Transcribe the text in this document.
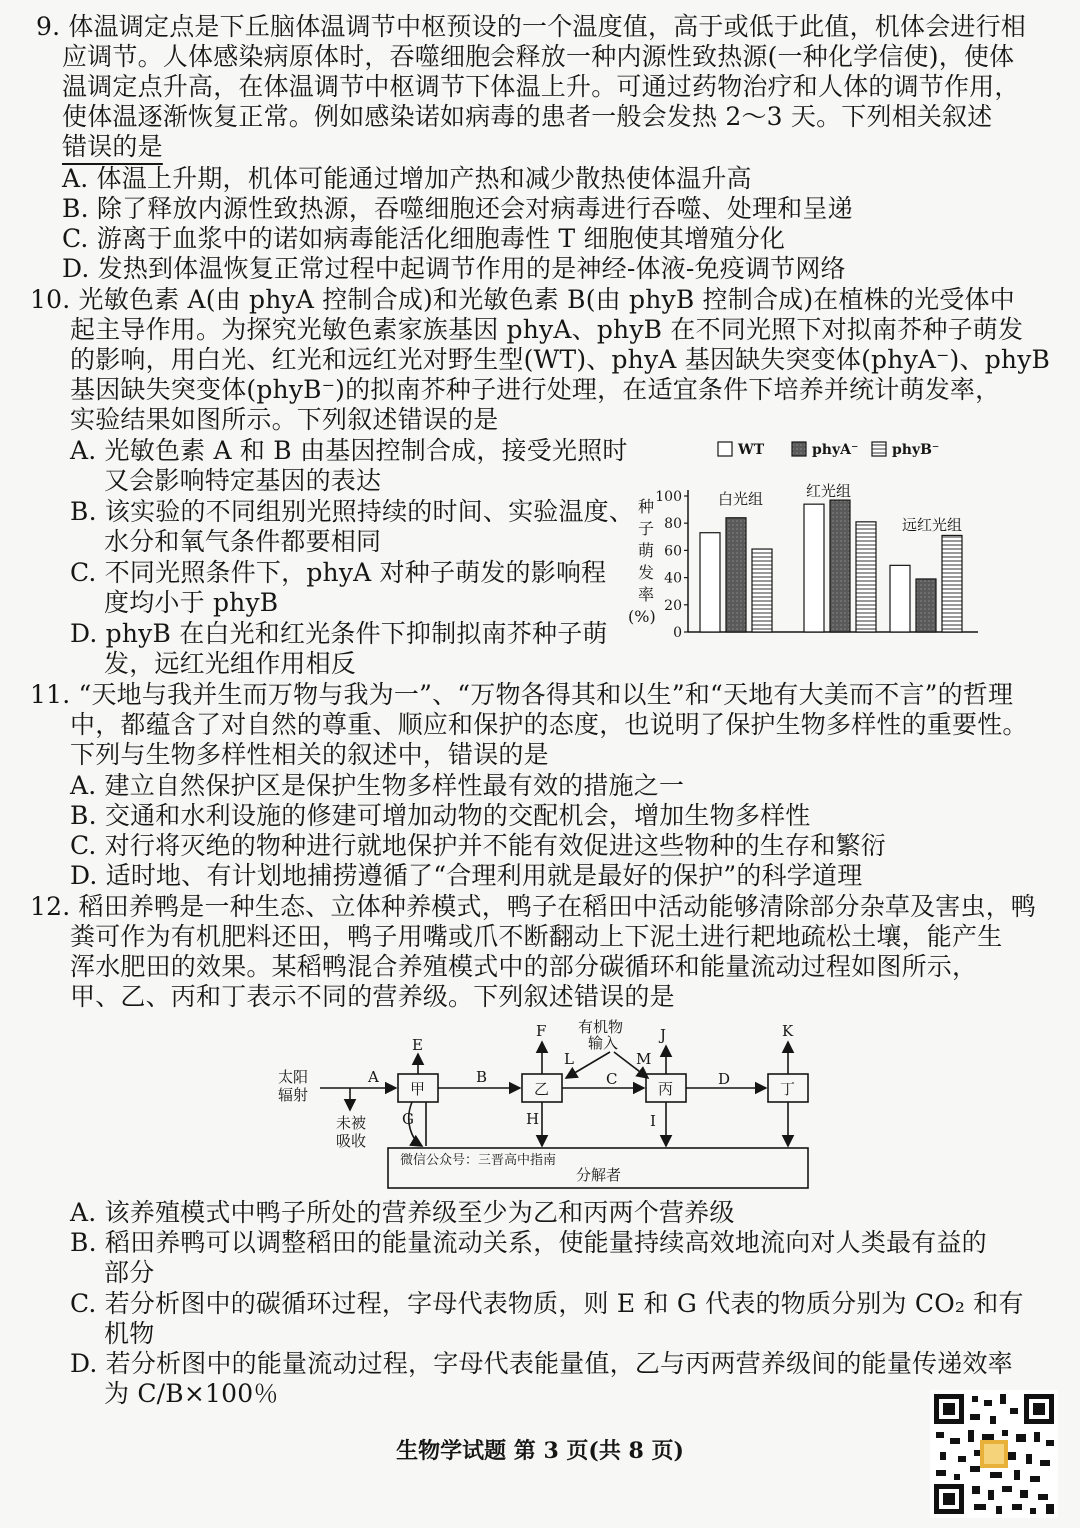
9. 体温调定点是下丘脑体温调节中枢预设的一个温度值，高于或低于此值，机体会进行相
应调节。人体感染病原体时，吞噬细胞会释放一种内源性致热源(一种化学信使)，使体
温调定点升高，在体温调节中枢调节下体温上升。可通过药物治疗和人体的调节作用，
使体温逐渐恢复正常。例如感染诺如病毒的患者一般会发热 2～3 天。下列相关叙述
错误的是
A. 体温上升期，机体可能通过增加产热和减少散热使体温升高
B. 除了释放内源性致热源，吞噬细胞还会对病毒进行吞噬、处理和呈递
C. 游离于血浆中的诺如病毒能活化细胞毒性 T 细胞使其增殖分化
D. 发热到体温恢复正常过程中起调节作用的是神经-体液-免疫调节网络
10. 光敏色素 A(由 phyA 控制合成)和光敏色素 B(由 phyB 控制合成)在植株的光受体中
起主导作用。为探究光敏色素家族基因 phyA、phyB 在不同光照下对拟南芥种子萌发
的影响，用白光、红光和远红光对野生型(WT)、phyA 基因缺失突变体(phyA⁻)、phyB
基因缺失突变体(phyB⁻)的拟南芥种子进行处理，在适宜条件下培养并统计萌发率，
实验结果如图所示。下列叙述错误的是
A. 光敏色素 A 和 B 由基因控制合成，接受光照时
又会影响特定基因的表达
B. 该实验的不同组别光照持续的时间、实验温度、
水分和氧气条件都要相同
C. 不同光照条件下，phyA 对种子萌发的影响程
度均小于 phyB
D. phyB 在白光和红光条件下抑制拟南芥种子萌
发，远红光组作用相反
0
20
40
60
80
100
种
子
萌
发
率
(%)
白光组	红光组
远红光组
WT	phyA⁻ phyB⁻
11. “天地与我并生而万物与我为一”、“万物各得其和以生”和“天地有大美而不言”的哲理
中，都蕴含了对自然的尊重、顺应和保护的态度，也说明了保护生物多样性的重要性。
下列与生物多样性相关的叙述中，错误的是
A. 建立自然保护区是保护生物多样性最有效的措施之一
B. 交通和水利设施的修建可增加动物的交配机会，增加生物多样性
C. 对行将灭绝的物种进行就地保护并不能有效促进这些物种的生存和繁衍
D. 适时地、有计划地捕捞遵循了“合理利用就是最好的保护”的科学道理
12. 稻田养鸭是一种生态、立体种养模式，鸭子在稻田中活动能够清除部分杂草及害虫，鸭
粪可作为有机肥料还田，鸭子用嘴或爪不断翻动上下泥土进行耙地疏松土壤，能产生
浑水肥田的效果。某稻鸭混合养殖模式中的部分碳循环和能量流动过程如图所示，
甲、乙、丙和丁表示不同的营养级。下列叙述错误的是
太阳
辐射
未被
吸收
有机物
输入
甲	乙	丙	丁
A	B	C	D
E
F
G	H	I
J	K
L	M
微信公众号：三晋高中指南
分解者
A. 该养殖模式中鸭子所处的营养级至少为乙和丙两个营养级
B. 稻田养鸭可以调整稻田的能量流动关系，使能量持续高效地流向对人类最有益的
部分
C. 若分析图中的碳循环过程，字母代表物质，则 E 和 G 代表的物质分别为 CO₂ 和有
机物
D. 若分析图中的能量流动过程，字母代表能量值，乙与丙两营养级间的能量传递效率
为 C/B×100％
生物学试题 第 3 页(共 8 页)
